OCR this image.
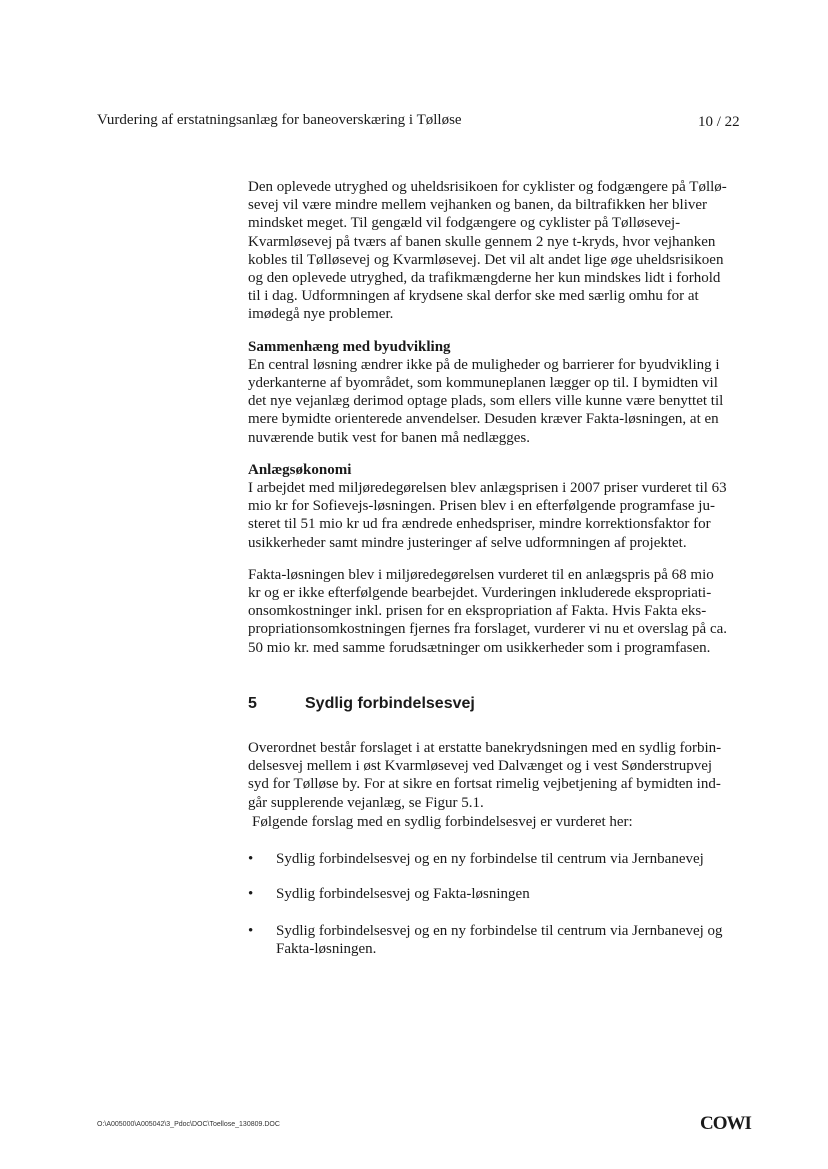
Vurdering af erstatningsanlæg for baneoverskæring i Tølløse	10 / 22

Den oplevede utryghed og uheldsrisikoen for cyklister og fodgængere på Tøllø-
sevej vil være mindre mellem vejhanken og banen, da biltrafikken her bliver
mindsket meget. Til gengæld vil fodgængere og cyklister på Tølløsevej-
Kvarmløsevej på tværs af banen skulle gennem 2 nye t-kryds, hvor vejhanken
kobles til Tølløsevej og Kvarmløsevej. Det vil alt andet lige øge uheldsrisikoen
og den oplevede utryghed, da trafikmængderne her kun mindskes lidt i forhold
til i dag. Udformningen af krydsene skal derfor ske med særlig omhu for at
imødegå nye problemer.

Sammenhæng med byudvikling
En central løsning ændrer ikke på de muligheder og barrierer for byudvikling i
yderkanterne af byområdet, som kommuneplanen lægger op til. I bymidten vil
det nye vejanlæg derimod optage plads, som ellers ville kunne være benyttet til
mere bymidte orienterede anvendelser. Desuden kræver Fakta-løsningen, at en
nuværende butik vest for banen må nedlægges.

Anlægsøkonomi
I arbejdet med miljøredegørelsen blev anlægsprisen i 2007 priser vurderet til 63
mio kr for Sofievejs-løsningen. Prisen blev i en efterfølgende programfase ju-
steret til 51 mio kr ud fra ændrede enhedspriser, mindre korrektionsfaktor for
usikkerheder samt mindre justeringer af selve udformningen af projektet.

Fakta-løsningen blev i miljøredegørelsen vurderet til en anlægspris på 68 mio
kr og er ikke efterfølgende bearbejdet. Vurderingen inkluderede ekspropriati-
onsomkostninger inkl. prisen for en ekspropriation af Fakta. Hvis Fakta eks-
propriationsomkostningen fjernes fra forslaget, vurderer vi nu et overslag på ca.
50 mio kr. med samme forudsætninger om usikkerheder som i programfasen.

5	Sydlig forbindelsesvej

Overordnet består forslaget i at erstatte banekrydsningen med en sydlig forbin-
delsesvej mellem i øst Kvarmløsevej ved Dalvænget og i vest Sønderstrupvej
syd for Tølløse by. For at sikre en fortsat rimelig vejbetjening af bymidten ind-
går supplerende vejanlæg, se Figur 5.1.

Følgende forslag med en sydlig forbindelsesvej er vurderet her:
• Sydlig forbindelsesvej og en ny forbindelse til centrum via Jernbanevej
• Sydlig forbindelsesvej og Fakta-løsningen
• Sydlig forbindelsesvej og en ny forbindelse til centrum via Jernbanevej og
Fakta-løsningen.
O:\A005000\A005042\3_Pdoc\DOC\Toellose_130809.DOC	COWI
